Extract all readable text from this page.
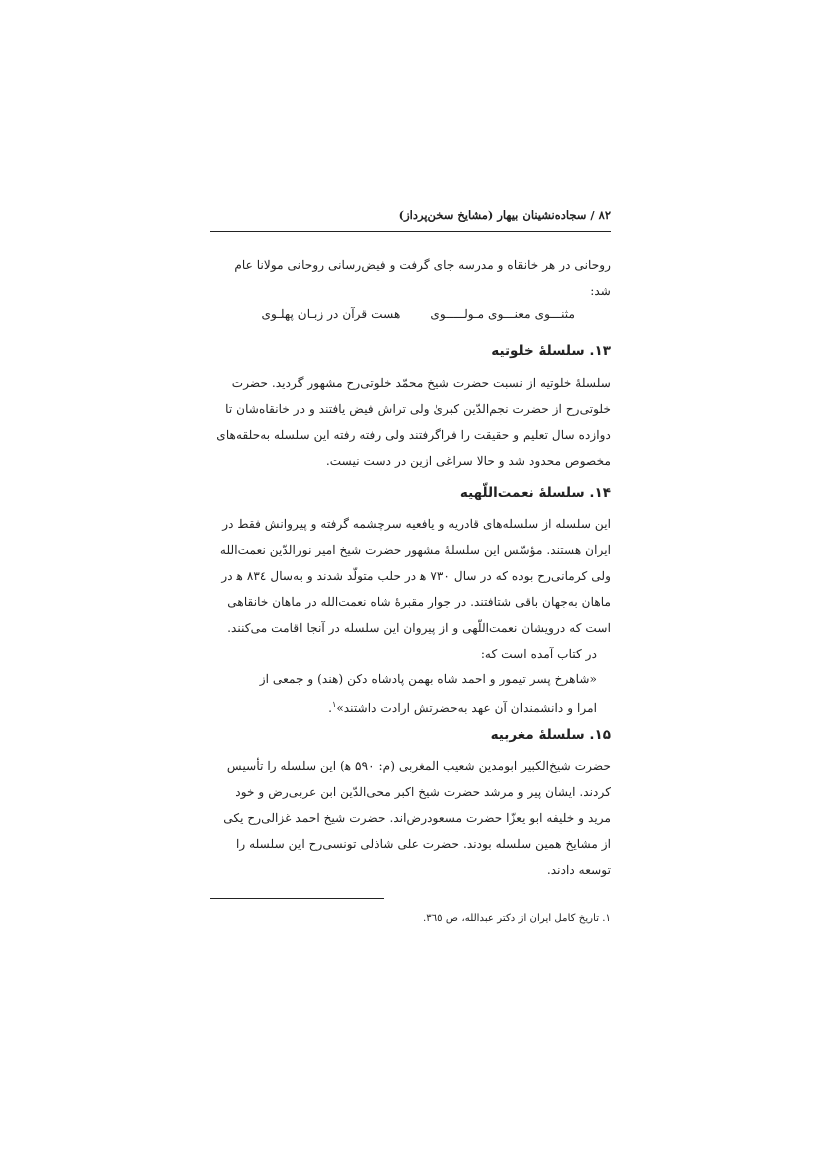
۸۲ / سجاده‌نشینان بیهار (مشایخ سخن‌پرداز)

روحانی در هر خانقاه و مدرسه جای گرفت و فیض‌رسانی روحانی مولانا عام

شد:

مثنـــوی معنـــوی مـولـــــوی
هست قرآن در زبـان پهلـوی
۱۳. سلسلۀ خلوتیه

سلسلۀ خلوتیه از نسبت حضرت شیخ محمّد خلوتی‌رح مشهور گردید. حضرت

خلوتی‌رح از حضرت نجم‌الدّین کبریٰ ولی تراش فیض یافتند و در خانقاه‌شان تا

دوازده سال تعلیم و حقیقت را فراگرفتند ولی رفته رفته این سلسله به‌حلقه‌های

مخصوص محدود شد و حالا سراغی ازین در دست نیست.

۱۴. سلسلۀ نعمت‌اللّهیه

این سلسله از سلسله‌های قادریه و یافعیه سرچشمه گرفته و پیروانش فقط در

ایران هستند. مؤسّس این سلسلۀ مشهور حضرت شیخ امیر نورالدّین نعمت‌الله

ولی کرمانی‌رح بوده که در سال ۷۳۰ ﻫ در حلب متولّد شدند و به‌سال ۸۳٤ ﻫ در

ماهان به‌جهان باقی شتافتند. در جوار مقبرۀ شاه نعمت‌الله در ماهان خانقاهی

است که درویشان نعمت‌اللّهی و از پیروان این سلسله در آنجا اقامت می‌کنند.

در کتاب آمده است که:

«شاهرخ پسر تیمور و احمد شاه بهمن پادشاه دکن (هند) و جمعی از

امرا و دانشمندان آن عهد به‌حضرتش ارادت داشتند»$^۱$.

۱۵. سلسلۀ مغربیه

حضرت شیخ‌الکبیر ابومدین شعیب المغربی (م: ۵۹۰ ﻫ) این سلسله را تأسیس

کردند. ایشان پیر و مرشد حضرت شیخ اکبر محی‌الدّین ابن عربی‌رض و خود

مرید و خلیفه ابو یعزّا حضرت مسعودرض‌اند. حضرت شیخ احمد غزالی‌رح یکی

از مشایخ همین سلسله بودند. حضرت علی شاذلی تونسی‌رح این سلسله را

توسعه دادند.

۱. تاریخ کامل ایران از دکتر عبدالله، ص ٣٦٥.
